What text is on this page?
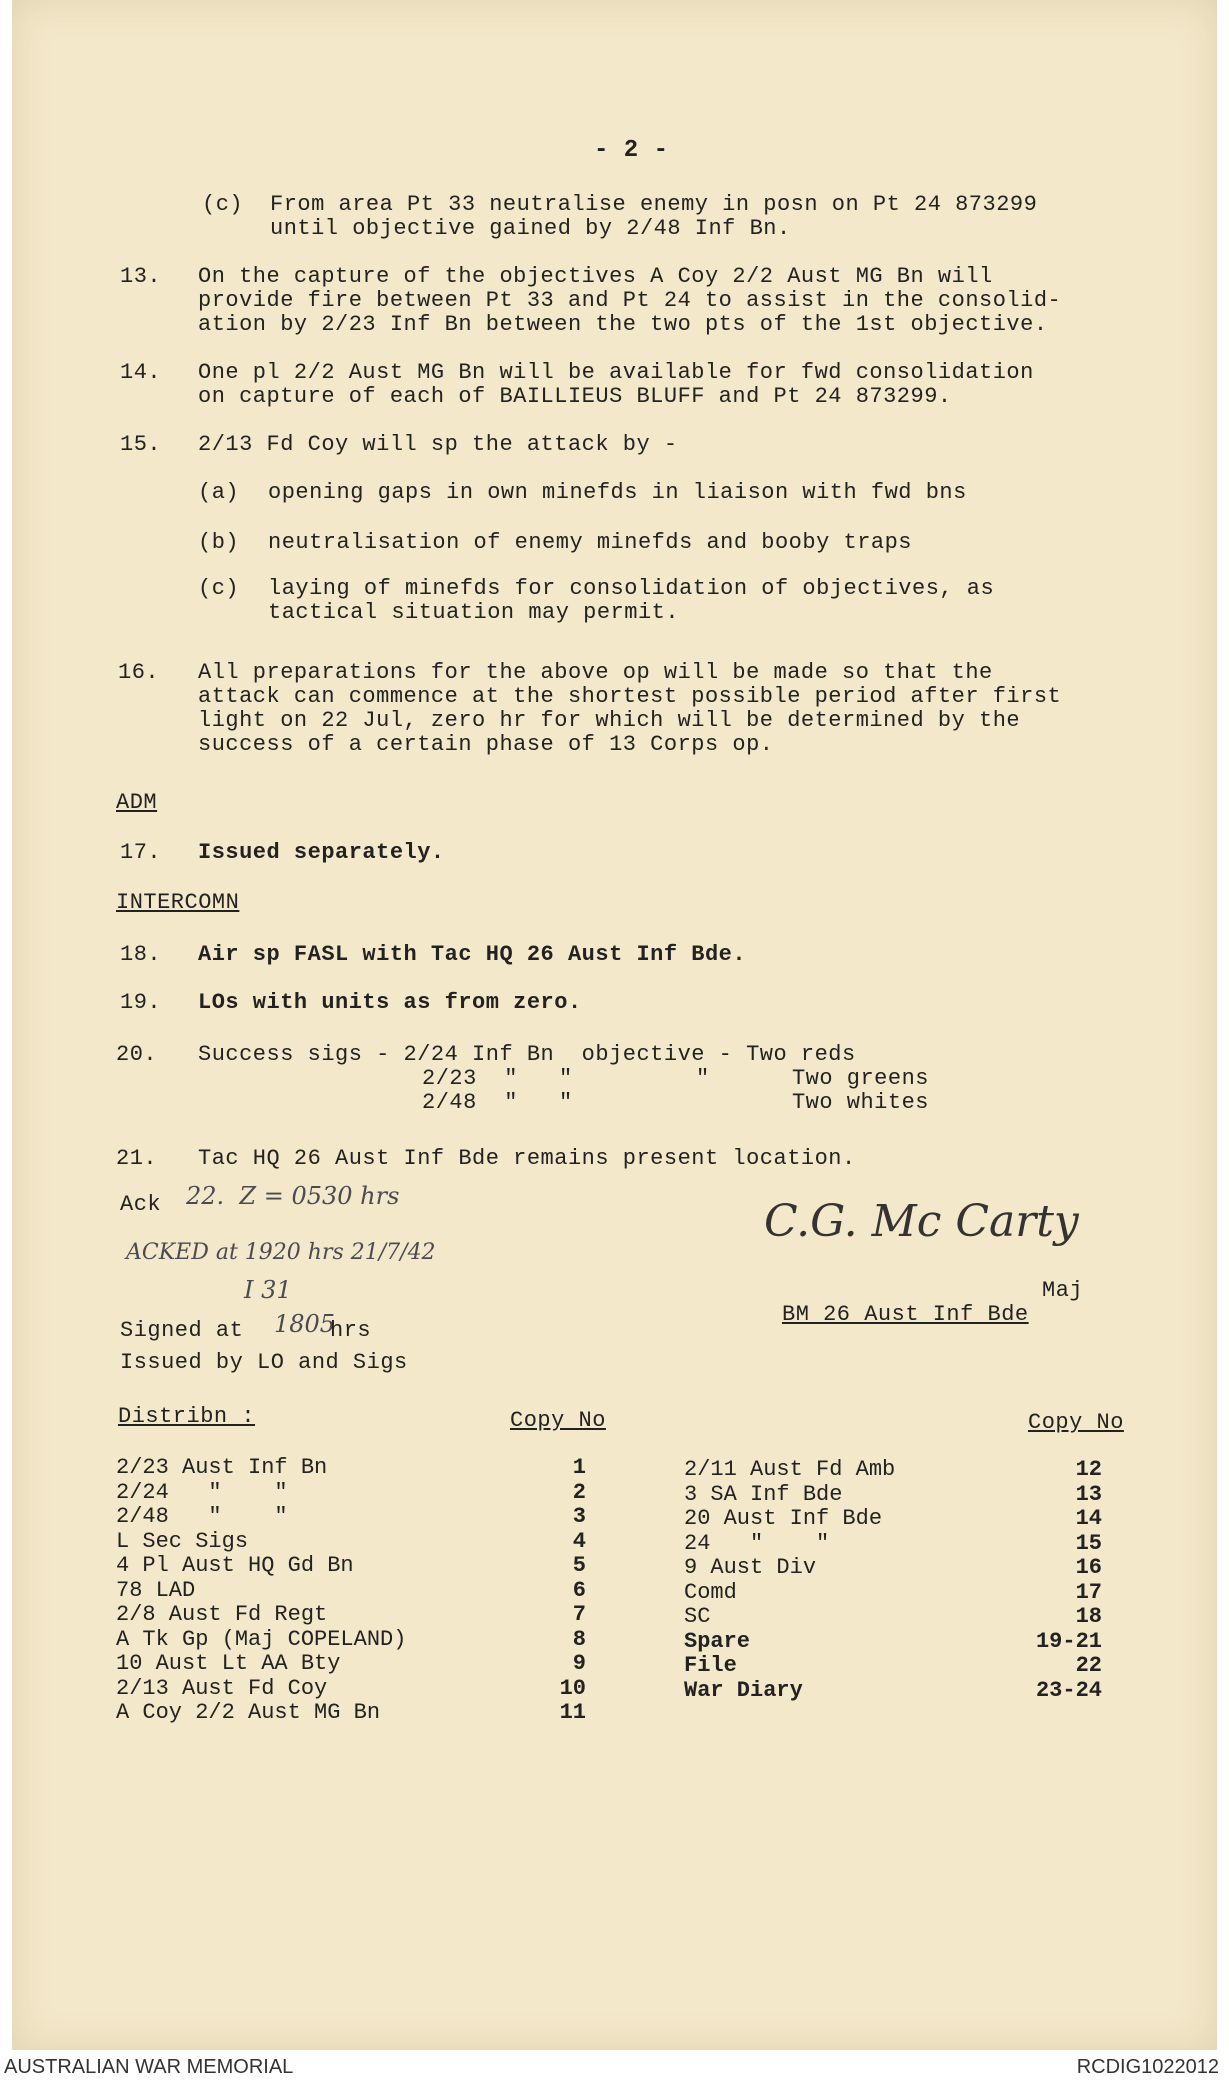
- 2 -
(c) From area Pt 33 neutralise enemy in posn on Pt 24 873299
until objective gained by 2/48 Inf Bn.
13. On the capture of the objectives A Coy 2/2 Aust MG Bn will
provide fire between Pt 33 and Pt 24 to assist in the consolid-
ation by 2/23 Inf Bn between the two pts of the 1st objective.
14. One pl 2/2 Aust MG Bn will be available for fwd consolidation
on capture of each of BAILLIEUS BLUFF and Pt 24 873299.
15. 2/13 Fd Coy will sp the attack by -
(a) opening gaps in own minefds in liaison with fwd bns
(b) neutralisation of enemy minefds and booby traps
(c) laying of minefds for consolidation of objectives, as
tactical situation may permit.
16. All preparations for the above op will be made so that the
attack can commence at the shortest possible period after first
light on 22 Jul, zero hr for which will be determined by the
success of a certain phase of 13 Corps op.
ADM
17. Issued separately.
INTERCOMN
18. Air sp FASL with Tac HQ 26 Aust Inf Bde.
19. LOs with units as from zero.
20. Success sigs - 2/24 Inf Bn  objective - Two reds
2/23  "   "         "      Two greens
2/48  "   "                Two whites
21. Tac HQ 26 Aust Inf Bde remains present location.
Ack 22.  Z = 0530 hrs
ACKED at 1920 hrs 21/7/42
I 31
Signed at 1805
hrs
Issued by LO and Sigs
C.G. Mc Carty
Maj
BM 26 Aust Inf Bde
Distribn :	Copy No	Copy No
2/23 Aust Inf Bn	1
2/24   "    "	2
2/48   "    "	3
L Sec Sigs	4
4 Pl Aust HQ Gd Bn	5
78 LAD	6
2/8 Aust Fd Regt	7
A Tk Gp (Maj COPELAND)	8
10 Aust Lt AA Bty	9
2/13 Aust Fd Coy	10
A Coy 2/2 Aust MG Bn	11
2/11 Aust Fd Amb	12
3 SA Inf Bde	13
20 Aust Inf Bde	14
24   "    "	15
9 Aust Div	16
Comd	17
SC	18
Spare	19-21
File	22
War Diary	23-24
AUSTRALIAN WAR MEMORIAL	RCDIG1022012
